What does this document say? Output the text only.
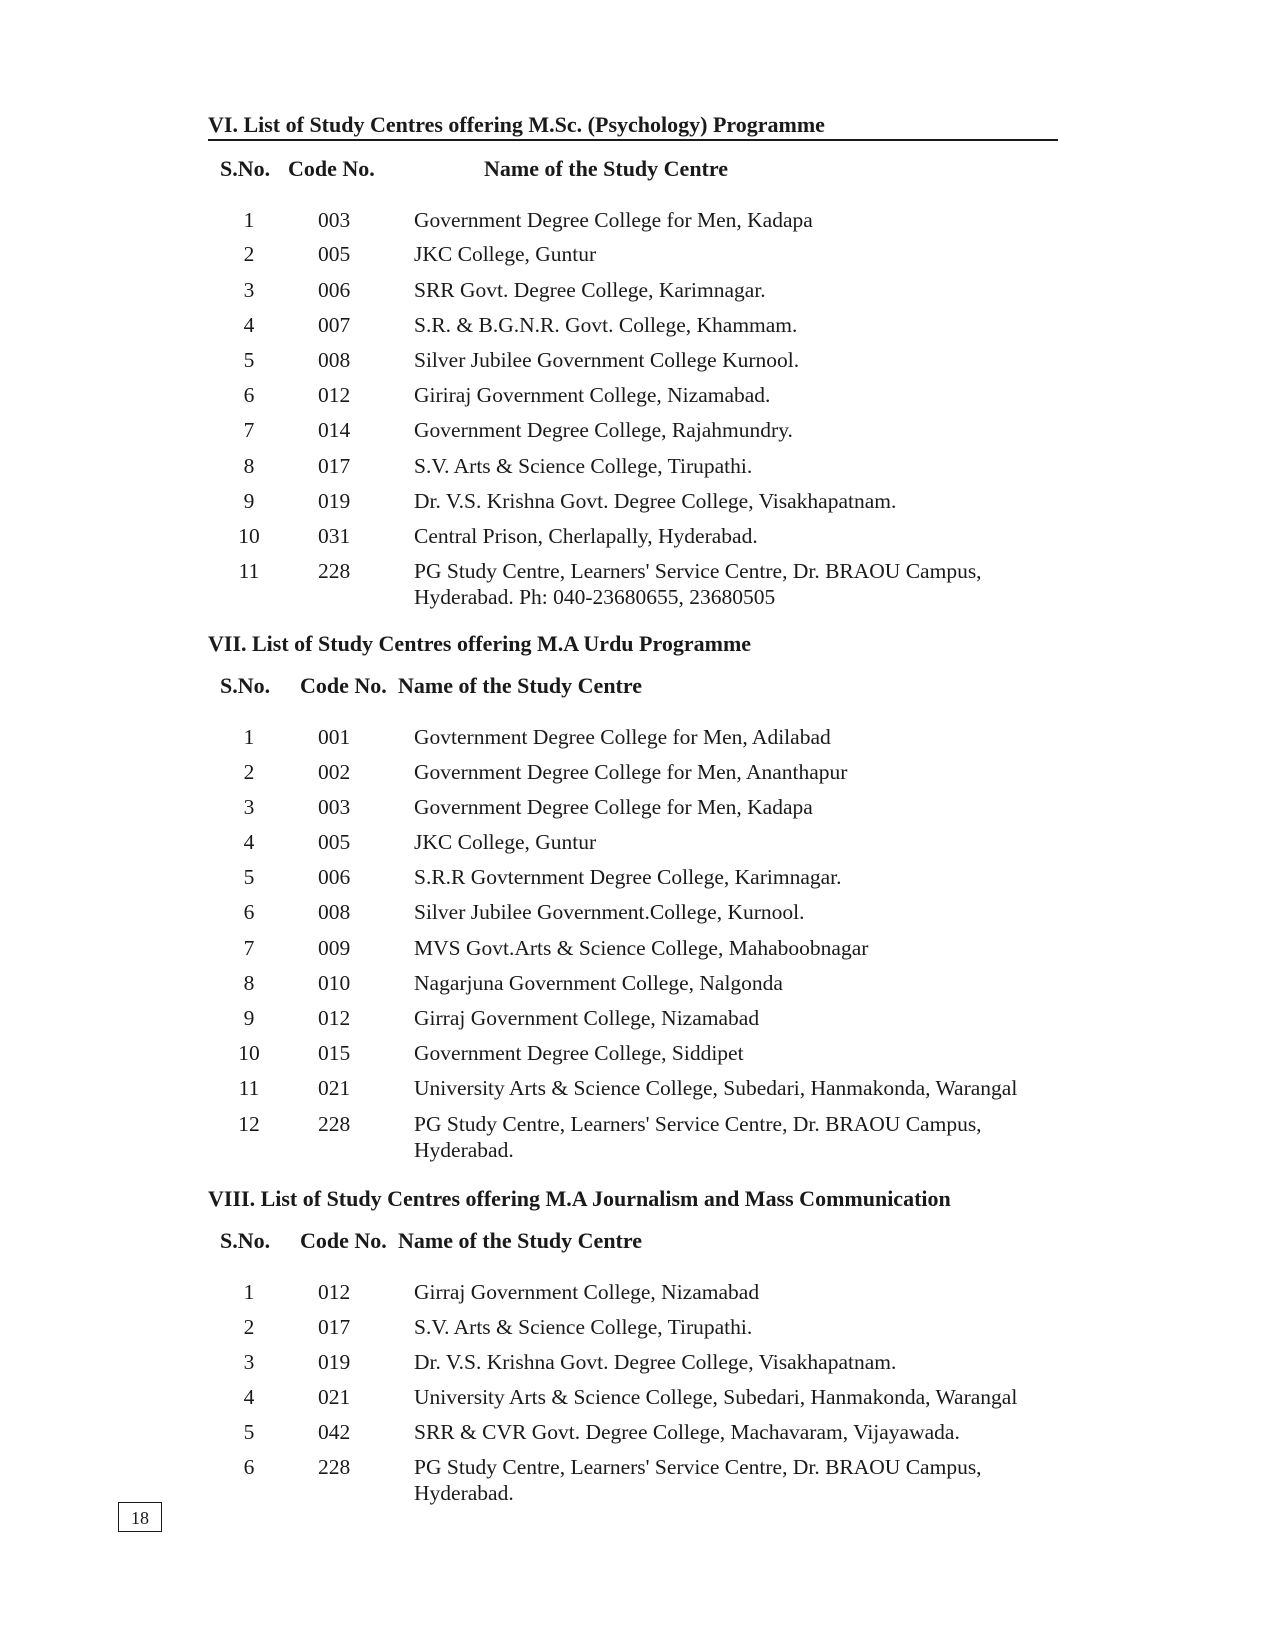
VI. List of Study Centres offering M.Sc. (Psychology) Programme
S.No. Code No.	Name of the Study Centre
1	003	Government Degree College for Men, Kadapa
2	005	JKC College, Guntur
3	006	SRR Govt. Degree College, Karimnagar.
4	007	S.R. & B.G.N.R. Govt. College, Khammam.
5	008	Silver Jubilee Government College Kurnool.
6	012	Giriraj Government College, Nizamabad.
7	014	Government Degree College, Rajahmundry.
8	017	S.V. Arts & Science College, Tirupathi.
9	019	Dr. V.S. Krishna Govt. Degree College, Visakhapatnam.
10	031	Central Prison, Cherlapally, Hyderabad.
11	228	PG Study Centre, Learners' Service Centre, Dr. BRAOU Campus,
Hyderabad. Ph: 040-23680655, 23680505
VII. List of Study Centres offering M.A Urdu Programme
S.No. Code No. Name of the Study Centre
1	001	Govternment Degree College for Men, Adilabad
2	002	Government Degree College for Men, Ananthapur
3	003	Government Degree College for Men, Kadapa
4	005	JKC College, Guntur
5	006	S.R.R Govternment Degree College, Karimnagar.
6	008	Silver Jubilee Government.College, Kurnool.
7	009	MVS Govt.Arts & Science College, Mahaboobnagar
8	010	Nagarjuna Government College, Nalgonda
9	012	Girraj Government College, Nizamabad
10	015	Government Degree College, Siddipet
11	021	University Arts & Science College, Subedari, Hanmakonda, Warangal
12	228	PG Study Centre, Learners' Service Centre, Dr. BRAOU Campus,
Hyderabad.
VIII. List of Study Centres offering M.A Journalism and Mass Communication
S.No. Code No. Name of the Study Centre
1	012	Girraj Government College, Nizamabad
2	017	S.V. Arts & Science College, Tirupathi.
3	019	Dr. V.S. Krishna Govt. Degree College, Visakhapatnam.
4	021	University Arts & Science College, Subedari, Hanmakonda, Warangal
5	042	SRR & CVR Govt. Degree College, Machavaram, Vijayawada.
6	228	PG Study Centre, Learners' Service Centre, Dr. BRAOU Campus,
Hyderabad.
18
